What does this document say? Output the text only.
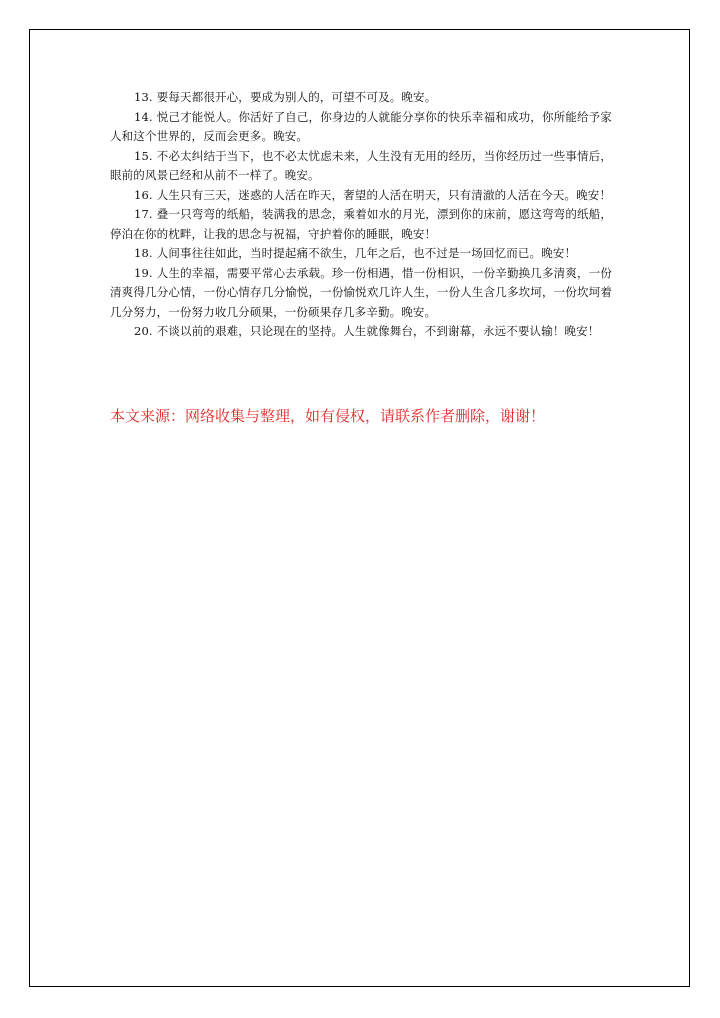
13. 要每天都很开心，要成为别人的，可望不可及。晚安。

14. 悦己才能悦人。你活好了自己，你身边的人就能分享你的快乐幸福和成功，你所能给予家人和这个世界的，反而会更多。晚安。

15. 不必太纠结于当下，也不必太忧虑未来，人生没有无用的经历，当你经历过一些事情后，眼前的风景已经和从前不一样了。晚安。

16. 人生只有三天，迷惑的人活在昨天，奢望的人活在明天，只有清澈的人活在今天。晚安！

17. 叠一只弯弯的纸船，装满我的思念，乘着如水的月光，漂到你的床前，愿这弯弯的纸船，停泊在你的枕畔，让我的思念与祝福，守护着你的睡眠，晚安！

18. 人间事往往如此，当时提起痛不欲生，几年之后，也不过是一场回忆而已。晚安！

19. 人生的幸福，需要平常心去承载。珍一份相遇，惜一份相识，一份辛勤换几多清爽，一份清爽得几分心情，一份心情存几分愉悦，一份愉悦欢几许人生，一份人生含几多坎坷，一份坎坷着几分努力，一份努力收几分硕果，一份硕果存几多辛勤。晚安。

20. 不谈以前的艰难，只论现在的坚持。人生就像舞台，不到谢幕，永远不要认输！晚安！

本文来源：网络收集与整理，如有侵权，请联系作者删除，谢谢！
